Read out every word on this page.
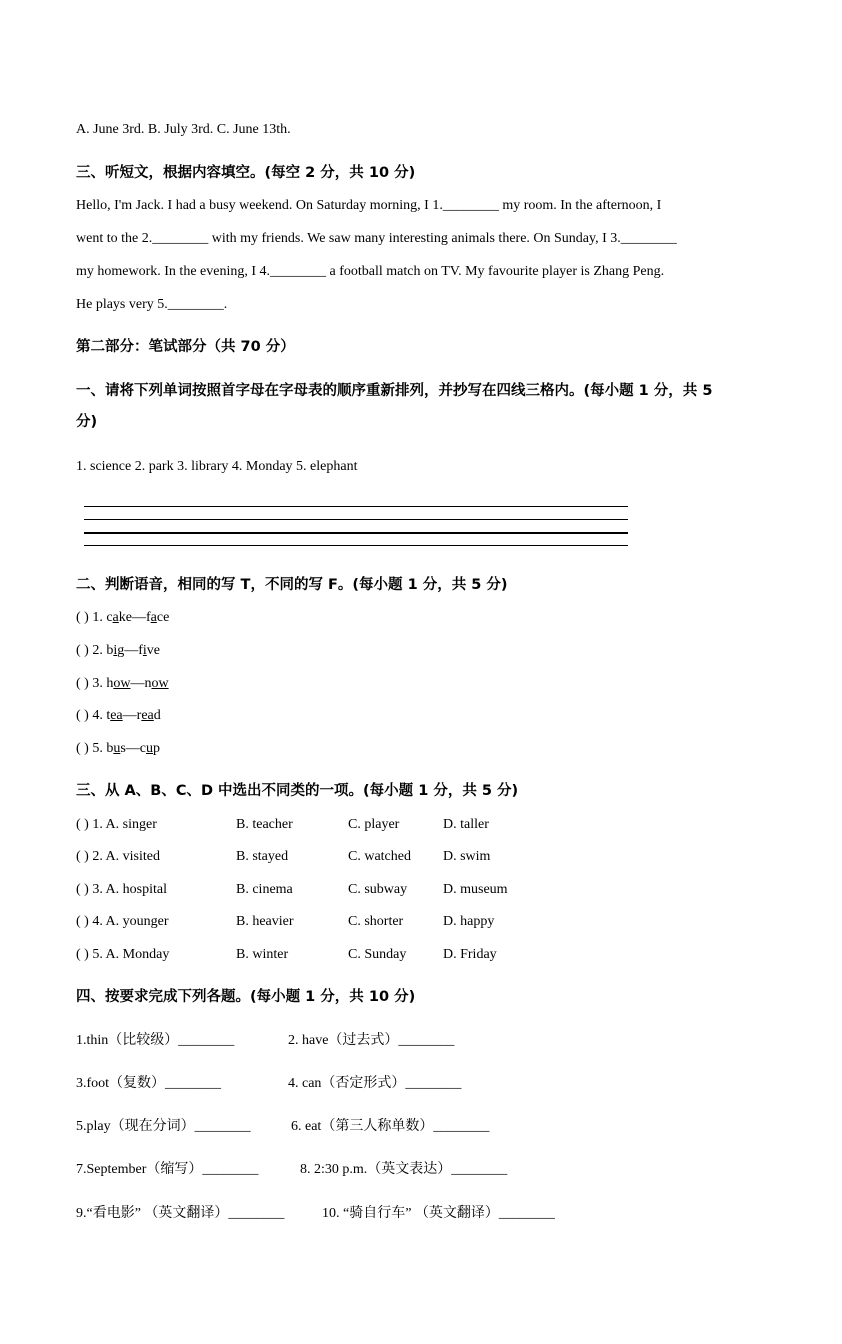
A. June 3rd. B. July 3rd. C. June 13th.
三、听短文，根据内容填空。(每空 2 分，共 10 分)
Hello, I'm Jack. I had a busy weekend. On Saturday morning, I 1.________ my room. In the afternoon, I
went to the 2.________ with my friends. We saw many interesting animals there. On Sunday, I 3.________
my homework. In the evening, I 4.________ a football match on TV. My favourite player is Zhang Peng.
He plays very 5.________.
第二部分：笔试部分（共 70 分）
一、请将下列单词按照首字母在字母表的顺序重新排列，并抄写在四线三格内。(每小题 1 分，共 5
分)
1. science 2. park 3. library 4. Monday 5. elephant
二、判断语音，相同的写 T，不同的写 F。(每小题 1 分，共 5 分)
( ) 1. cake—face
( ) 2. big—five
( ) 3. how—now
( ) 4. tea—read
( ) 5. bus—cup
三、从 A、B、C、D 中选出不同类的一项。(每小题 1 分，共 5 分)
( ) 1. A. singer	B. teacher	C. player	D. taller
( ) 2. A. visited	B. stayed	C. watched D. swim
( ) 3. A. hospital	B. cinema	C. subway	D. museum
( ) 4. A. younger	B. heavier	C. shorter	D. happy
( ) 5. A. Monday	B. winter	C. Sunday	D. Friday
四、按要求完成下列各题。(每小题 1 分，共 10 分)
1.thin（比较级）________	2. have（过去式）________
3.foot（复数）________	4. can（否定形式）________
5.play（现在分词）________	6. eat（第三人称单数）________
7.September（缩写）________	8. 2:30 p.m.（英文表达）________
9.“看电影” （英文翻译）________	10. “骑自行车” （英文翻译）________
